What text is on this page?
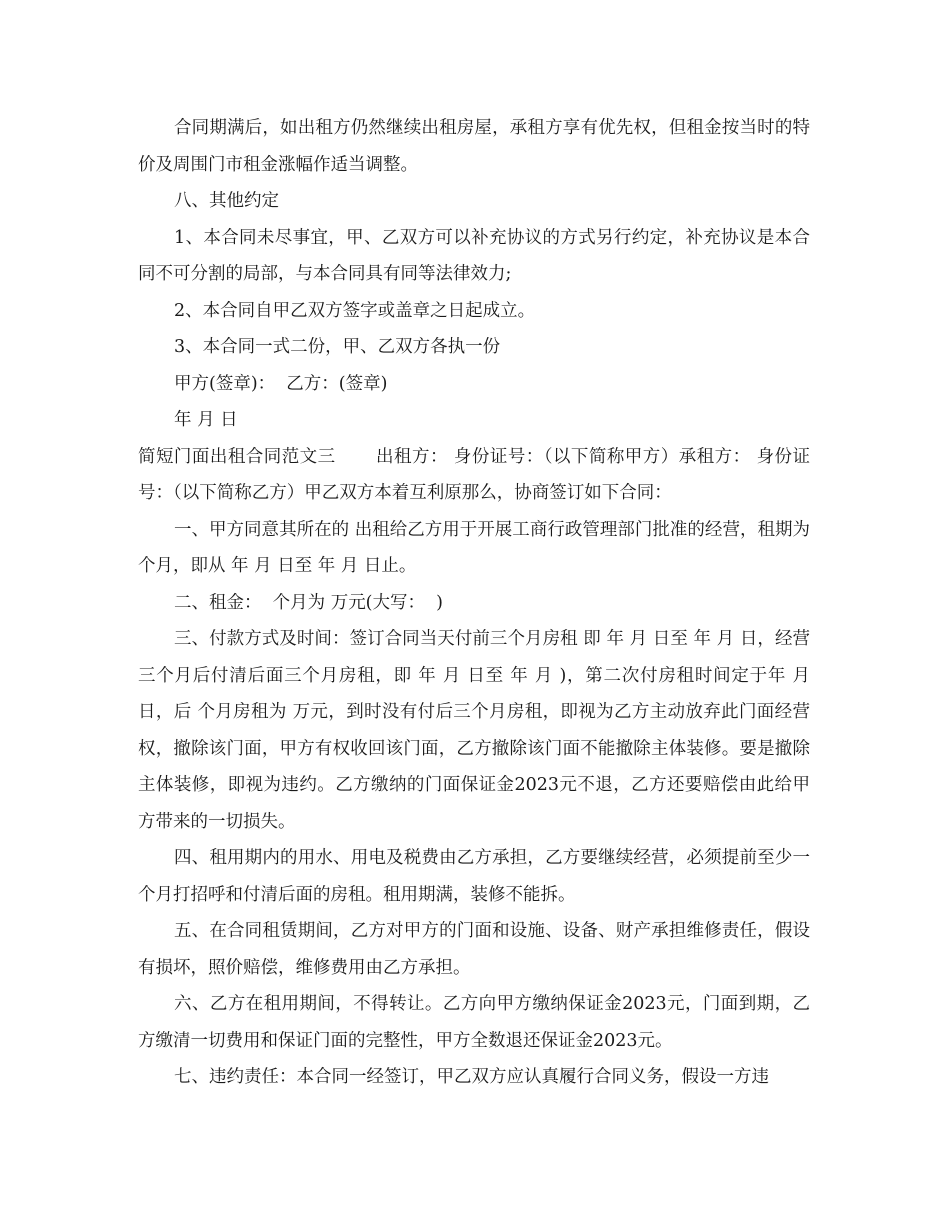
合同期满后，如出租方仍然继续出租房屋，承租方享有优先权，但租金按当时的特价及周围门市租金涨幅作适当调整。

八、其他约定

1、本合同未尽事宜，甲、乙双方可以补充协议的方式另行约定，补充协议是本合同不可分割的局部，与本合同具有同等法律效力;

2、本合同自甲乙双方签字或盖章之日起成立。

3、本合同一式二份，甲、乙双方各执一份

甲方(签章)：  乙方：(签章)

年 月 日

简短门面出租合同范文三 出租方： 身份证号：（以下简称甲方）承租方： 身份证号：（以下简称乙方）甲乙双方本着互利原那么，协商签订如下合同：

一、甲方同意其所在的 出租给乙方用于开展工商行政管理部门批准的经营，租期为 个月，即从 年 月 日至 年 月 日止。

二、租金：  个月为 万元(大写：  )

三、付款方式及时间：签订合同当天付前三个月房租 即 年 月 日至 年 月 日，经营三个月后付清后面三个月房租，即 年 月 日至 年 月 )，第二次付房租时间定于年 月 日，后 个月房租为 万元，到时没有付后三个月房租，即视为乙方主动放弃此门面经营权，撤除该门面，甲方有权收回该门面，乙方撤除该门面不能撤除主体装修。要是撤除主体装修，即视为违约。乙方缴纳的门面保证金2023元不退，乙方还要赔偿由此给甲方带来的一切损失。

四、租用期内的用水、用电及税费由乙方承担，乙方要继续经营，必须提前至少一个月打招呼和付清后面的房租。租用期满，装修不能拆。

五、在合同租赁期间，乙方对甲方的门面和设施、设备、财产承担维修责任，假设有损坏，照价赔偿，维修费用由乙方承担。

六、乙方在租用期间，不得转让。乙方向甲方缴纳保证金2023元，门面到期，乙方缴清一切费用和保证门面的完整性，甲方全数退还保证金2023元。

七、违约责任：本合同一经签订，甲乙双方应认真履行合同义务，假设一方违
